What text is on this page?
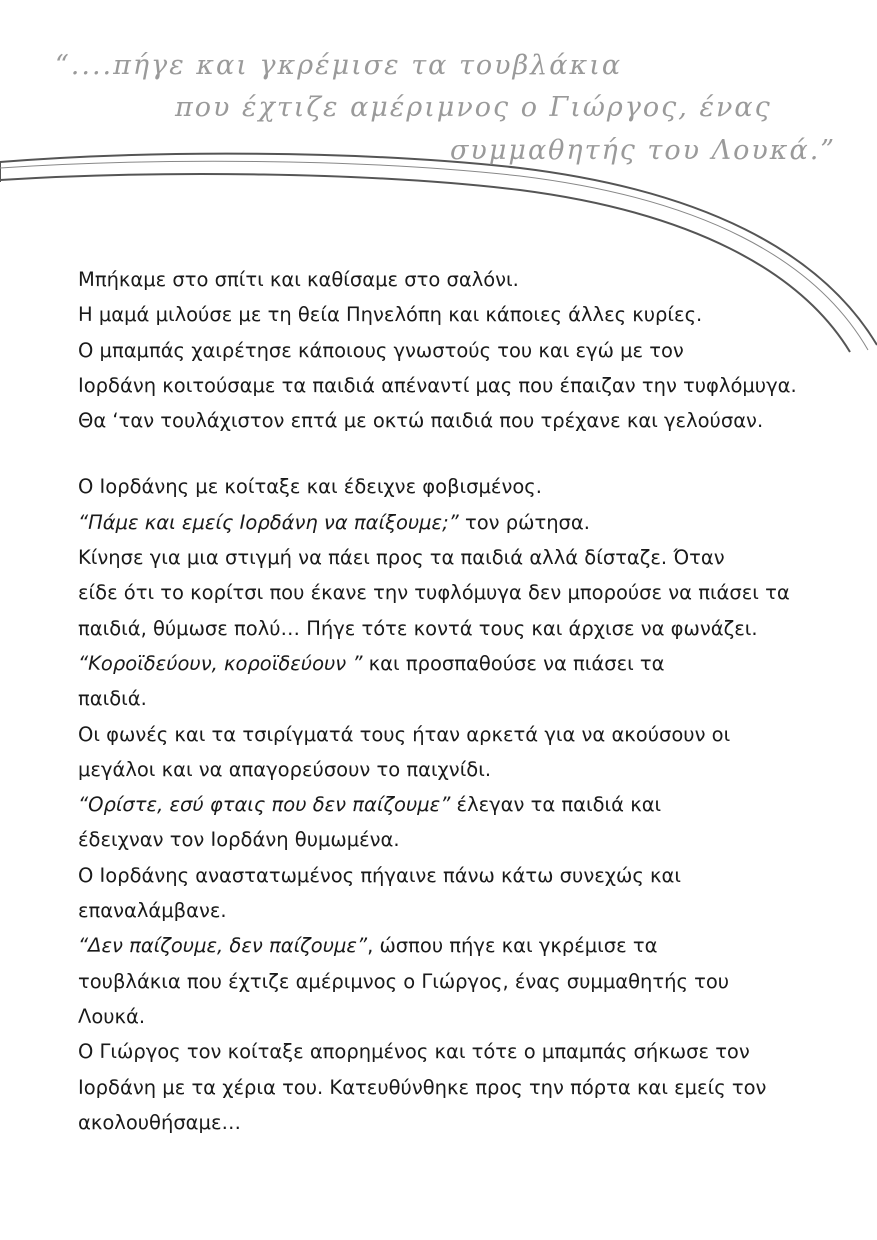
“....πήγε και γκρέμισε τα τουβλάκια
που έχτιζε αμέριμνος ο Γιώργος, ένας
συμμαθητής του Λουκά.”

Μπήκαμε στο σπίτι και καθίσαμε στο σαλόνι.

Η μαμά μιλούσε με τη θεία Πηνελόπη και κάποιες άλλες κυρίες.

Ο μπαμπάς χαιρέτησε κάποιους γνωστούς του και εγώ με τον

Ιορδάνη κοιτούσαμε τα παιδιά απέναντί μας που έπαιζαν την τυφλόμυγα.

Θα ‘ταν τουλάχιστον επτά με οκτώ παιδιά που τρέχανε και γελούσαν.

Ο Ιορδάνης με κοίταξε και έδειχνε φοβισμένος.

“Πάμε και εμείς Ιορδάνη να παίξουμε;” τον ρώτησα.

Κίνησε για μια στιγμή να πάει προς τα παιδιά αλλά δίσταζε. Όταν

είδε ότι το κορίτσι που έκανε την τυφλόμυγα δεν μπορούσε να πιάσει τα

παιδιά, θύμωσε πολύ… Πήγε τότε κοντά τους και άρχισε να φωνάζει.

“Κοροϊδεύουν, κοροϊδεύουν ” και προσπαθούσε να πιάσει τα

παιδιά.

Οι φωνές και τα τσιρίγματά τους ήταν αρκετά για να ακούσουν οι

μεγάλοι και να απαγορεύσουν το παιχνίδι.

“Ορίστε, εσύ φταις που δεν παίζουμε” έλεγαν τα παιδιά και

έδειχναν τον Ιορδάνη θυμωμένα.

Ο Ιορδάνης αναστατωμένος πήγαινε πάνω κάτω συνεχώς και

επαναλάμβανε.

“Δεν παίζουμε, δεν παίζουμε”, ώσπου πήγε και γκρέμισε τα

τουβλάκια που έχτιζε αμέριμνος ο Γιώργος, ένας συμμαθητής του

Λουκά.

Ο Γιώργος τον κοίταξε απορημένος και τότε ο μπαμπάς σήκωσε τον

Ιορδάνη με τα χέρια του. Κατευθύνθηκε προς την πόρτα και εμείς τον

ακολουθήσαμε…
